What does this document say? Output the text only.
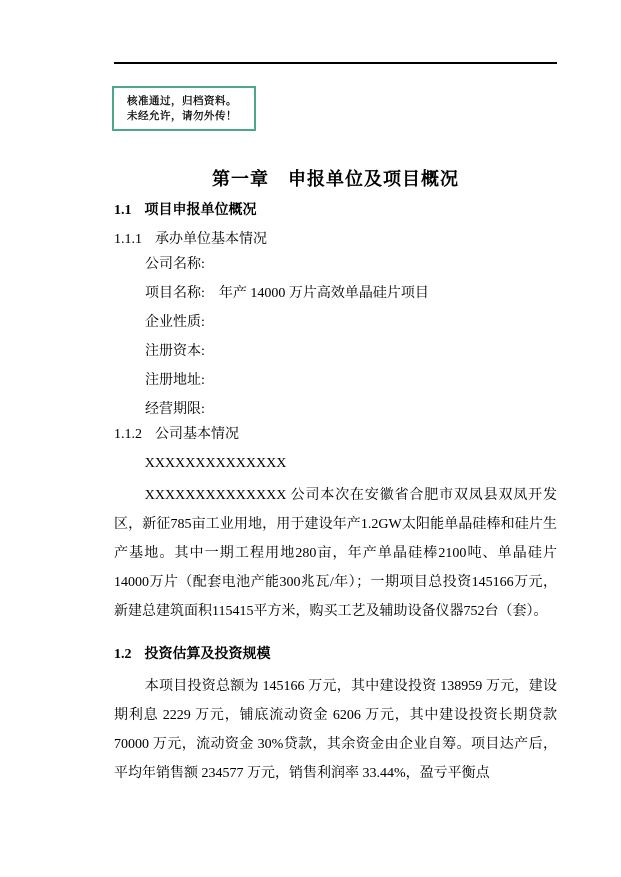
核准通过，归档资料。
未经允许，请勿外传！
第一章　申报单位及项目概况
1.1 项目申报单位概况
1.1.1 承办单位基本情况
公司名称:
项目名称: 年产 14000 万片高效单晶硅片项目
企业性质:
注册资本:
注册地址:
经营期限:
1.1.2 公司基本情况

XXXXXXXXXXXXXX

XXXXXXXXXXXXXX 公司本次在安徽省合肥市双凤县双凤开发区，新征785亩工业用地，用于建设年产1.2GW太阳能单晶硅棒和硅片生产基地。其中一期工程用地280亩，年产单晶硅棒2100吨、单晶硅片14000万片（配套电池产能300兆瓦/年）；一期项目总投资145166万元，新建总建筑面积115415平方米，购买工艺及辅助设备仪器752台（套）。

1.2 投资估算及投资规模

本项目投资总额为 145166 万元，其中建设投资 138959 万元，建设期利息 2229 万元，铺底流动资金 6206 万元，其中建设投资长期贷款 70000 万元，流动资金 30%贷款，其余资金由企业自筹。项目达产后，平均年销售额 234577 万元，销售利润率 33.44%，盈亏平衡点
